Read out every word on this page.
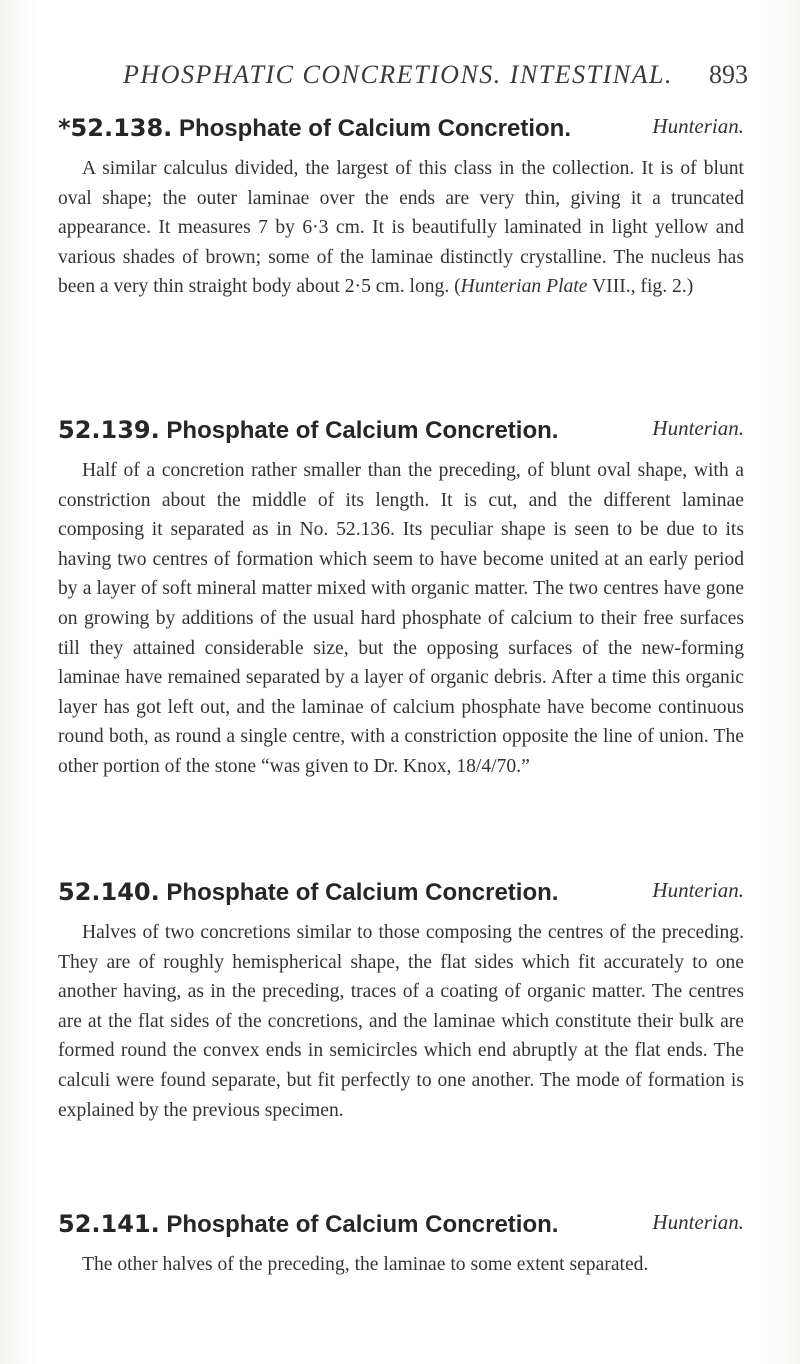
PHOSPHATIC CONCRETIONS. INTESTINAL. 893
*52.138. Phosphate of Calcium Concretion.	Hunterian.
A similar calculus divided, the largest of this class in the collection. It is of blunt oval shape; the outer laminae over the ends are very thin, giving it a truncated appearance. It measures 7 by 6·3 cm. It is beautifully laminated in light yellow and various shades of brown; some of the laminae distinctly crystalline. The nucleus has been a very thin straight body about 2·5 cm. long. (Hunterian Plate VIII., fig. 2.)
52.139. Phosphate of Calcium Concretion.	Hunterian.
Half of a concretion rather smaller than the preceding, of blunt oval shape, with a constriction about the middle of its length. It is cut, and the different laminae composing it separated as in No. 52.136. Its peculiar shape is seen to be due to its having two centres of formation which seem to have become united at an early period by a layer of soft mineral matter mixed with organic matter. The two centres have gone on growing by additions of the usual hard phosphate of calcium to their free surfaces till they attained considerable size, but the opposing surfaces of the new-forming laminae have remained separated by a layer of organic debris. After a time this organic layer has got left out, and the laminae of calcium phosphate have become continuous round both, as round a single centre, with a constriction opposite the line of union. The other portion of the stone “was given to Dr. Knox, 18/4/70.”
52.140. Phosphate of Calcium Concretion.	Hunterian.
Halves of two concretions similar to those composing the centres of the preceding. They are of roughly hemispherical shape, the flat sides which fit accurately to one another having, as in the preceding, traces of a coating of organic matter. The centres are at the flat sides of the concretions, and the laminae which constitute their bulk are formed round the convex ends in semicircles which end abruptly at the flat ends. The calculi were found separate, but fit perfectly to one another. The mode of formation is explained by the previous specimen.
52.141. Phosphate of Calcium Concretion.	Hunterian.
The other halves of the preceding, the laminae to some extent separated.
